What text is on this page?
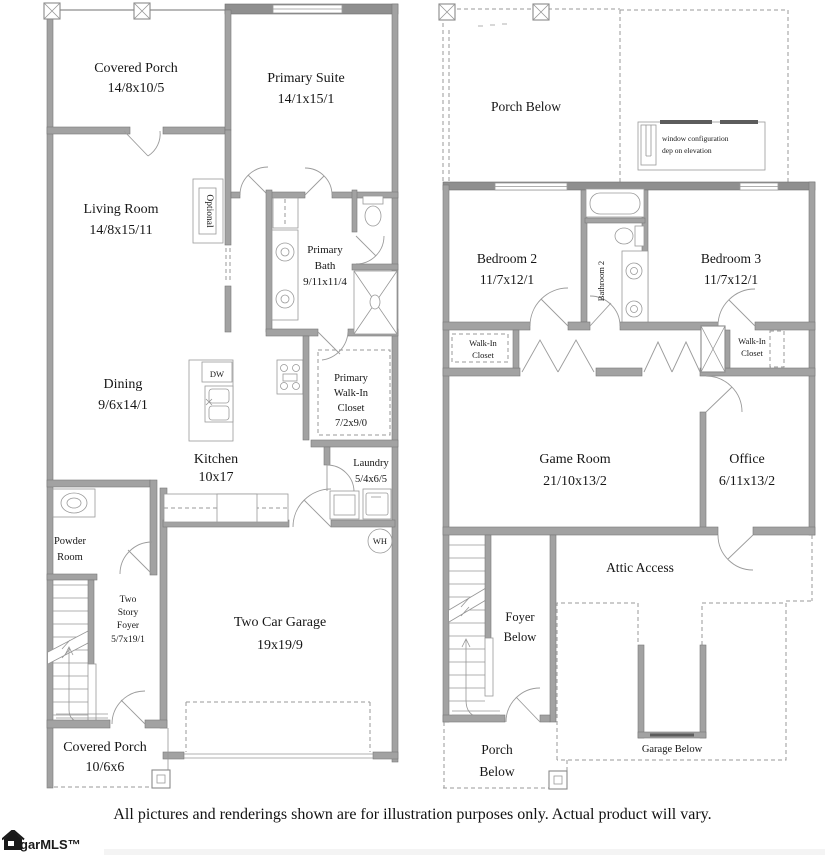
WH
Covered Porch
14/8x10/5
Primary Suite
14/1x15/1
Living Room
14/8x15/11
Primary
Bath
9/11x11/4
Dining
9/6x14/1
Kitchen
10x17
Primary
Walk-In
Closet
7/2x9/0
Laundry
5/4x6/5
Powder
Room
Two
Story
Foyer
5/7x19/1
Two Car Garage
19x19/9
Covered Porch
10/6x6
DW
Optional
window configuration
dep on elevation
Porch Below
Bedroom 2
11/7x12/1	Bathroom 2
Bedroom 3
11/7x12/1
Walk-In
Closet
Walk-In
Closet
Game Room
21/10x13/2
Office
6/11x13/2
Attic Access
Foyer
Below
Porch
Below
Garage Below
All pictures and renderings shown are for illustration purposes only. Actual product will vary.
garMLS™
